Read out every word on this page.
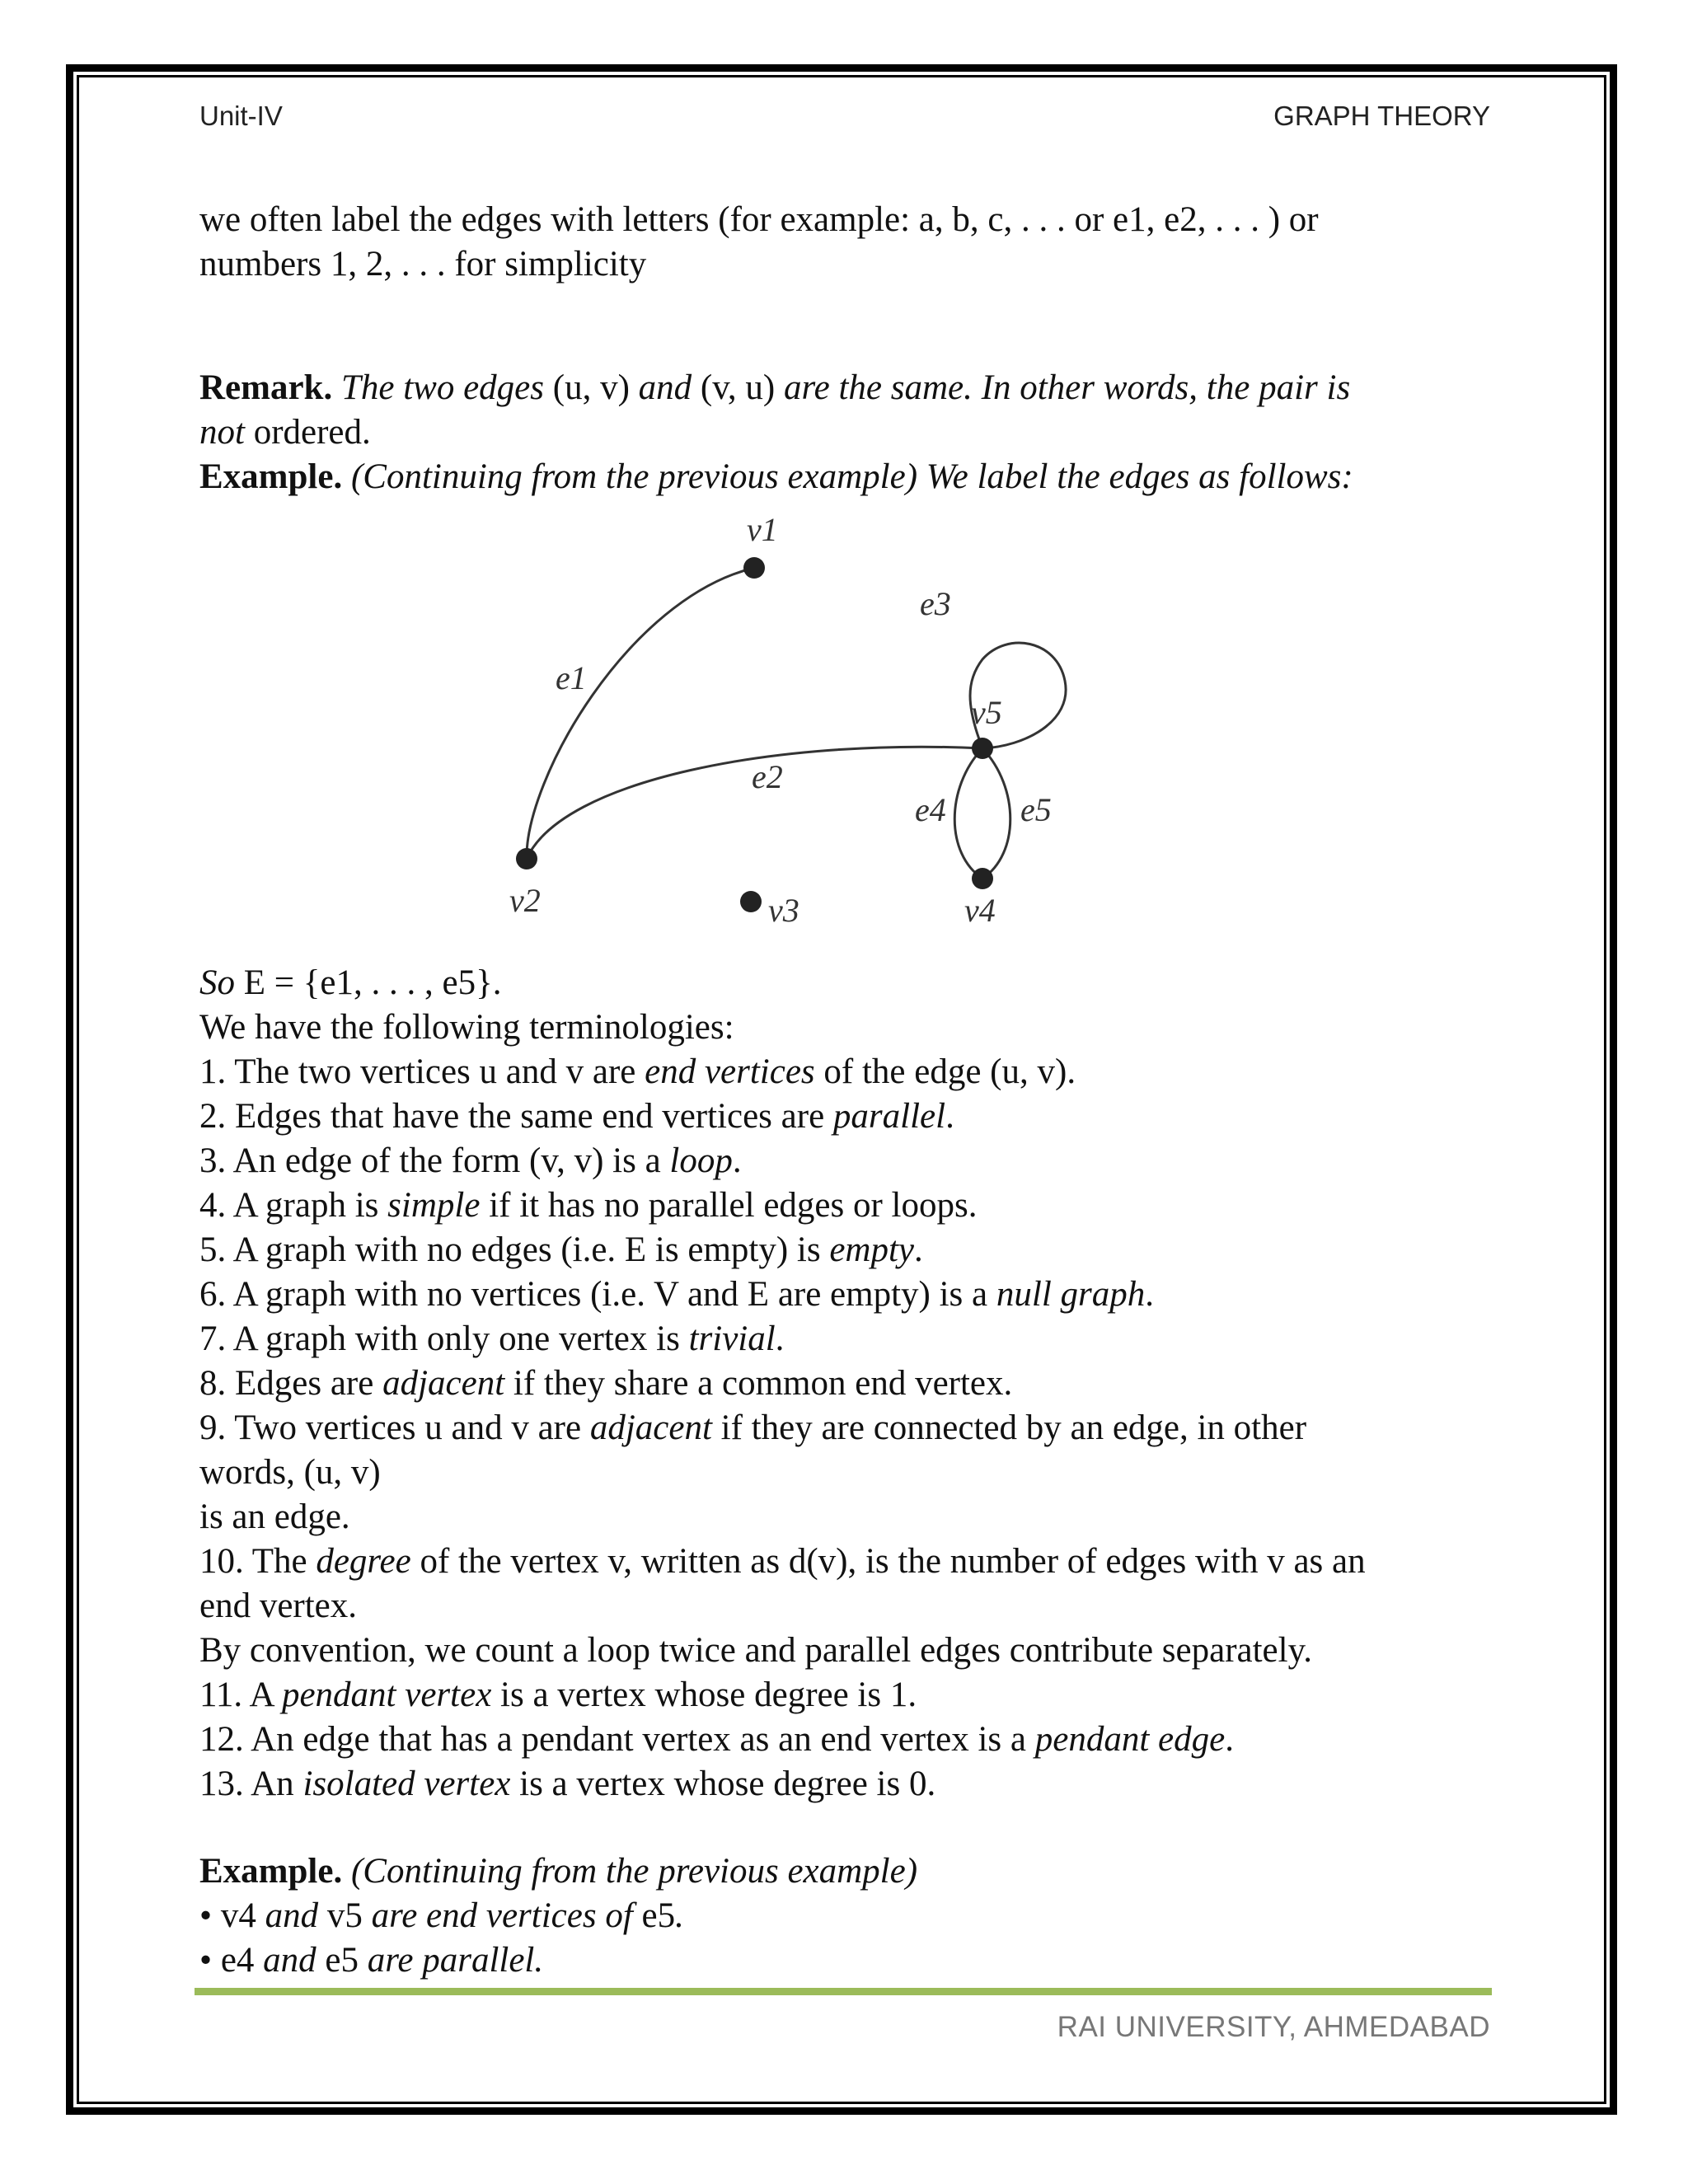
Unit-IV	GRAPH THEORY

we often label the edges with letters (for example: a, b, c, . . . or e1, e2, . . . ) or

numbers 1, 2, . . . for simplicity

Remark. The two edges (u, v) and (v, u) are the same. In other words, the pair is

not ordered.

Example. (Continuing from the previous example) We label the edges as follows:

v1
v2	v3	v4
v5
e1
e2
e3
e4 e5

So E = {e1, . . . , e5}.

We have the following terminologies:

1. The two vertices u and v are end vertices of the edge (u, v).

2. Edges that have the same end vertices are parallel.

3. An edge of the form (v, v) is a loop.

4. A graph is simple if it has no parallel edges or loops.

5. A graph with no edges (i.e. E is empty) is empty.

6. A graph with no vertices (i.e. V and E are empty) is a null graph.

7. A graph with only one vertex is trivial.

8. Edges are adjacent if they share a common end vertex.

9. Two vertices u and v are adjacent if they are connected by an edge, in other

words, (u, v)

is an edge.

10. The degree of the vertex v, written as d(v), is the number of edges with v as an

end vertex.

By convention, we count a loop twice and parallel edges contribute separately.

11. A pendant vertex is a vertex whose degree is 1.

12. An edge that has a pendant vertex as an end vertex is a pendant edge.

13. An isolated vertex is a vertex whose degree is 0.

Example. (Continuing from the previous example)

• v4 and v5 are end vertices of e5.

• e4 and e5 are parallel.

RAI UNIVERSITY, AHMEDABAD
